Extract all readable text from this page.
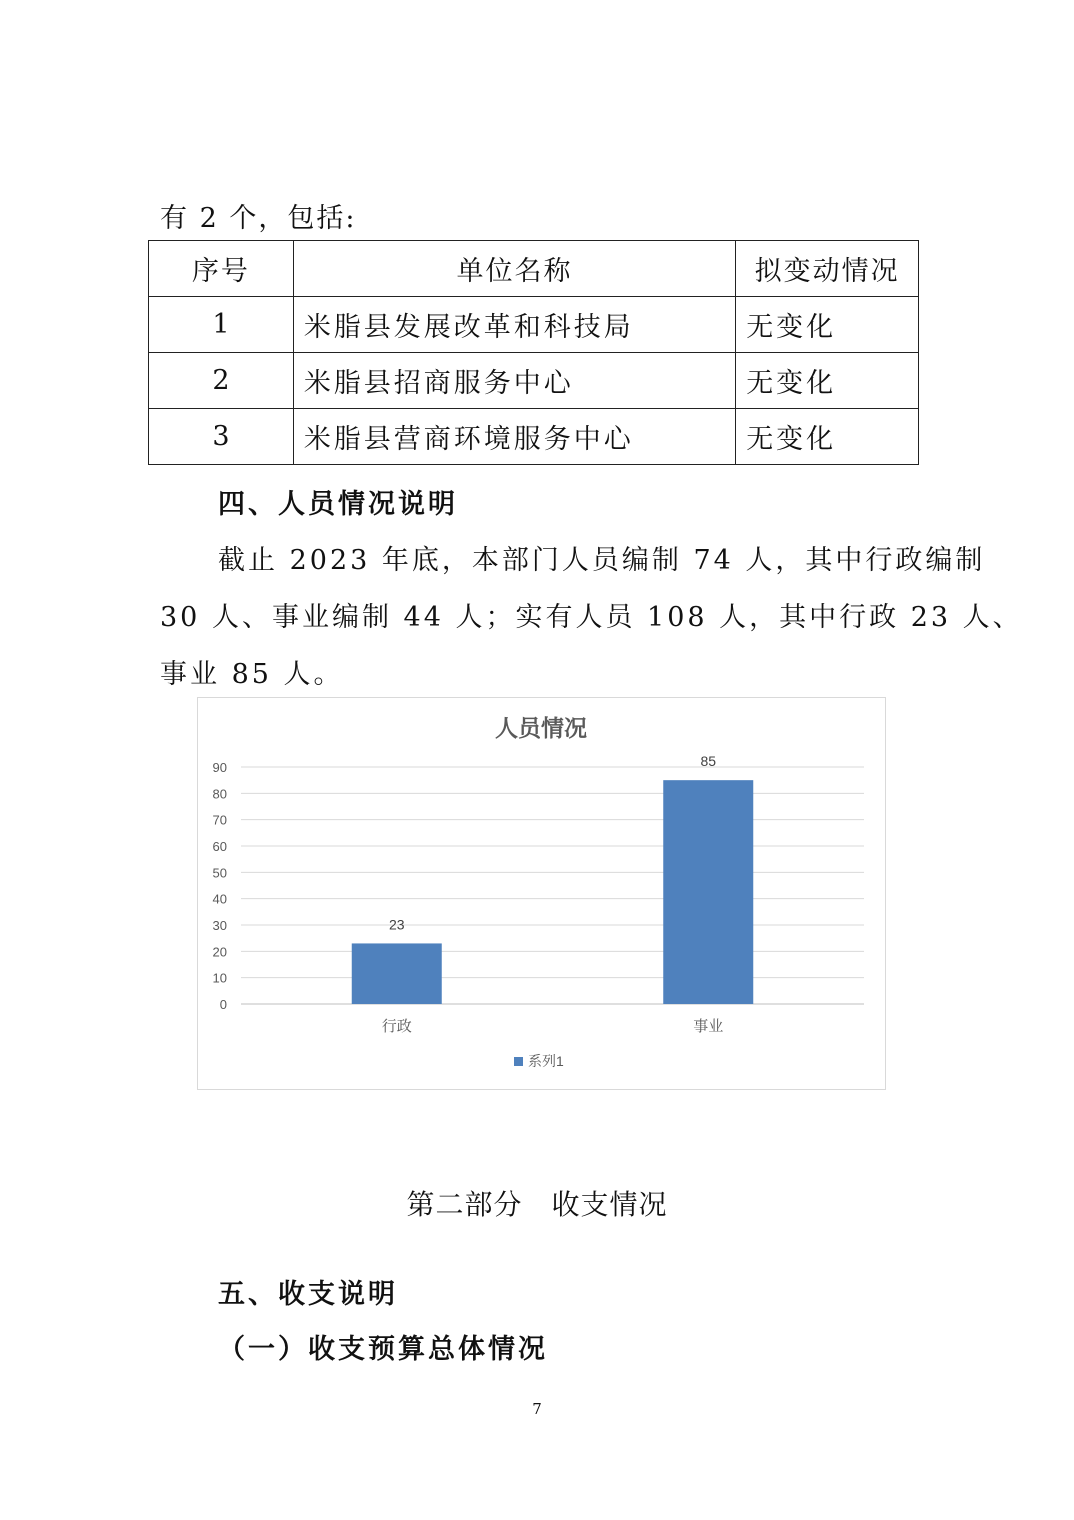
有 2 个，包括:
序号	单位名称	拟变动情况
1	米脂县发展改革和科技局	无变化
2	米脂县招商服务中心	无变化
3	米脂县营商环境服务中心	无变化
四、人员情况说明
截止 2023 年底，本部门人员编制 74 人，其中行政编制
30 人、事业编制 44 人；实有人员 108 人，其中行政 23 人、
事业 85 人。
人员情况
0
10
20
30
40
50
60
70
80
90
23
行政
85
事业
系列1
第二部分　收支情况
五、收支说明
（一）收支预算总体情况
7
